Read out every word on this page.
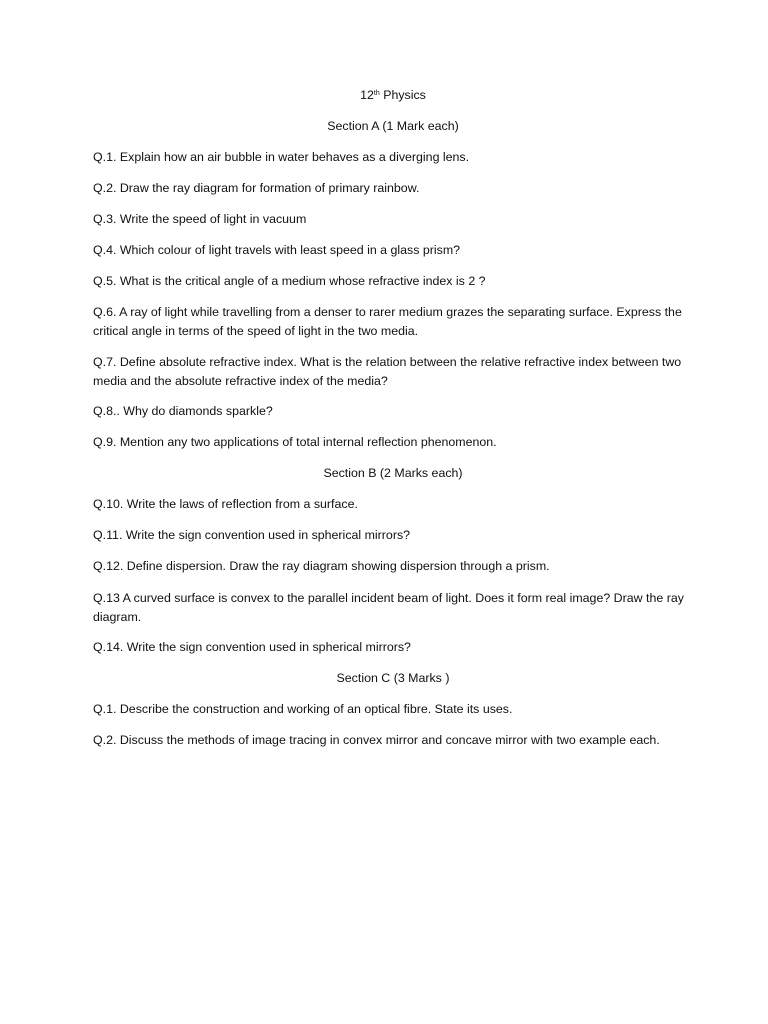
12th Physics
Section A (1 Mark each)

Q.1. Explain how an air bubble in water behaves as a diverging lens.

Q.2. Draw the ray diagram for formation of primary rainbow.

Q.3. Write the speed of light in vacuum

Q.4. Which colour of light travels with least speed in a glass prism?

Q.5. What is the critical angle of a medium whose refractive index is 2 ?

Q.6. A ray of light while travelling from a denser to rarer medium grazes the separating surface. Express the critical angle in terms of the speed of light in the two media.

Q.7. Define absolute refractive index. What is the relation between the relative refractive index between two media and the absolute refractive index of the media?

Q.8.. Why do diamonds sparkle?

Q.9. Mention any two applications of total internal reflection phenomenon.

Section B (2 Marks each)

Q.10. Write the laws of reflection from a surface.

Q.11. Write the sign convention used in spherical mirrors?

Q.12. Define dispersion. Draw the ray diagram showing dispersion through a prism.

Q.13 A curved surface is convex to the parallel incident beam of light. Does it form real image? Draw the ray diagram.

Q.14. Write the sign convention used in spherical mirrors?

Section C (3 Marks )

Q.1. Describe the construction and working of an optical fibre. State its uses.

Q.2. Discuss the methods of image tracing in convex mirror and concave mirror with two example each.
